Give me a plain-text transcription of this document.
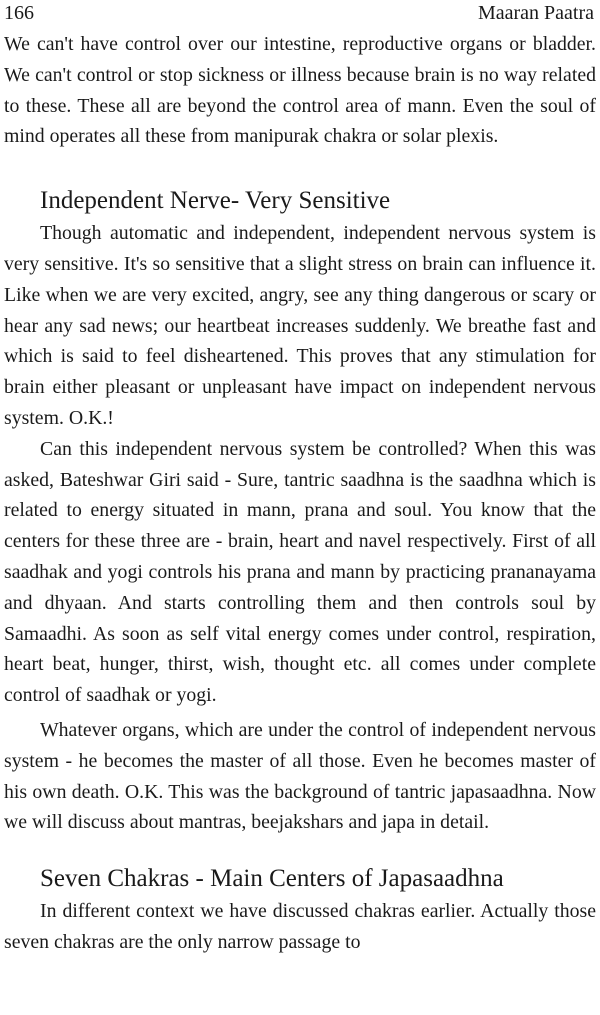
166	Maaran Paatra

We can't have control over our intestine, reproductive organs or bladder. We can't control or stop sickness or illness because brain is no way related to these. These all are beyond the control area of mann. Even the soul of mind operates all these from manipurak chakra or solar plexis.

Independent Nerve- Very Sensitive

Though automatic and independent, independent nervous system is very sensitive. It's so sensitive that a slight stress on brain can influence it. Like when we are very excited, angry, see any thing dangerous or scary or hear any sad news; our heartbeat increases suddenly. We breathe fast and which is said to feel disheartened. This proves that any stimulation for brain either pleasant or unpleasant have impact on independent nervous system. O.K.!

Can this independent nervous system be controlled? When this was asked, Bateshwar Giri said - Sure, tantric saadhna is the saadhna which is related to energy situated in mann, prana and soul. You know that the centers for these three are - brain, heart and navel respectively. First of all saadhak and yogi controls his prana and mann by practicing prananayama and dhyaan. And starts controlling them and then controls soul by Samaadhi. As soon as self vital energy comes under control, respiration, heart beat, hunger, thirst, wish, thought etc. all comes under complete control of saadhak or yogi.

Whatever organs, which are under the control of independent nervous system - he becomes the master of all those. Even he becomes master of his own death. O.K. This was the background of tantric japasaadhna. Now we will discuss about mantras, beejakshars and japa in detail.

Seven Chakras - Main Centers of Japasaadhna

In different context we have discussed chakras earlier. Actually those seven chakras are the only narrow passage to
